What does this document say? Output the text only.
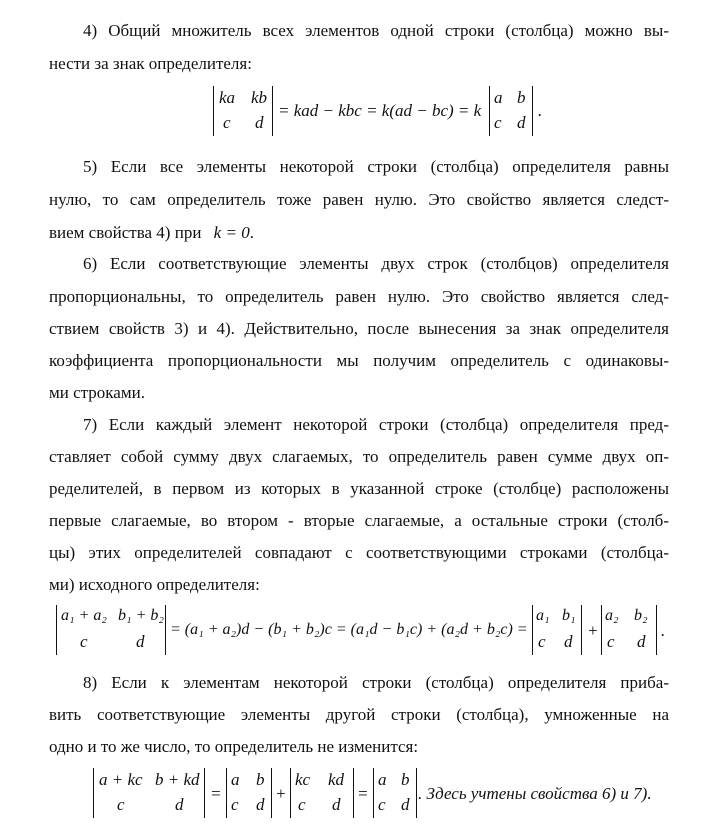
4) Общий множитель всех элементов одной строки (столбца) можно вы-
нести за знак определителя:
ka kb
c d
= kad − kbc = k(ad − bc) = k
a b
c d
.
5) Если все элементы некоторой строки (столбца) определителя равны
нулю, то сам определитель тоже равен нулю. Это свойство является следст-
вием свойства 4) при k = 0.
6) Если соответствующие элементы двух строк (столбцов) определителя
пропорциональны, то определитель равен нулю. Это свойство является след-
ствием свойств 3) и 4). Действительно, после вынесения за знак определителя
коэффициента пропорциональности мы получим определитель с одинаковы-
ми строками.
7) Если каждый элемент некоторой строки (столбца) определителя пред-
ставляет собой сумму двух слагаемых, то определитель равен сумме двух оп-
ределителей, в первом из которых в указанной строке (столбце) расположены
первые слагаемые, во втором - вторые слагаемые, а остальные строки (столб-
цы) этих определителей совпадают с соответствующими строками (столбца-
ми) исходного определителя:
a₁ + a₂ b₁ + b₂
c	d
= (a₁ + a₂)d − (b₁ + b₂)c = (a₁d − b₁c) + (a₂d + b₂c) =
a₁ b₁
c d
+
a₂ b₂
c d
.
8) Если к элементам некоторой строки (столбца) определителя прибa-
вить соответствующие элементы другой строки (столбца), умноженные на
одно и то же число, то определитель не изменится:
a + kc b + kd
c	d
=
a b
c d
+
kc kd
c d
=
a b
c d
. Здесь учтены свойства 6) и 7).
